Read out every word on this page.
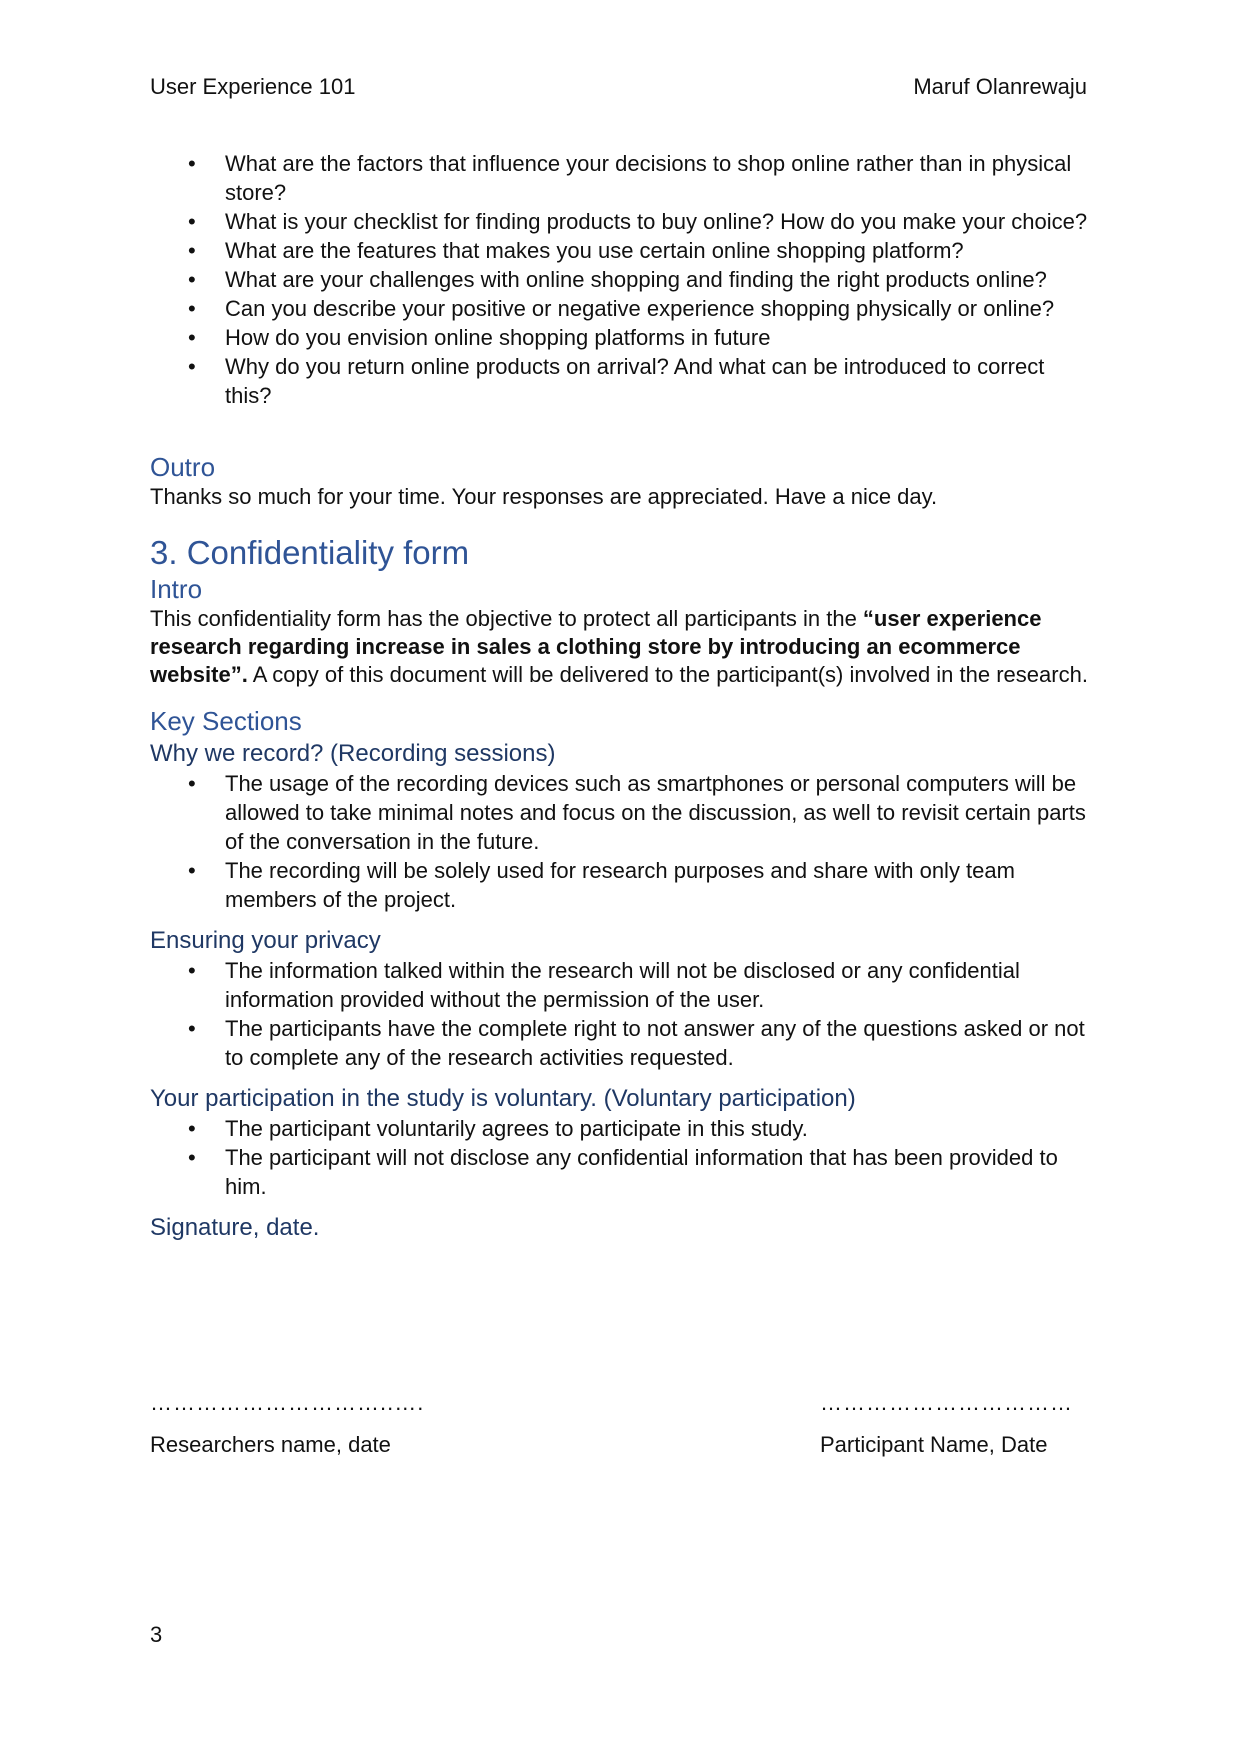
User Experience 101	Maruf Olanrewaju
• What are the factors that influence your decisions to shop online rather than in physical store?
• What is your checklist for finding products to buy online? How do you make your choice?
• What are the features that makes you use certain online shopping platform?
• What are your challenges with online shopping and finding the right products online?
• Can you describe your positive or negative experience shopping physically or online?
• How do you envision online shopping platforms in future
• Why do you return online products on arrival? And what can be introduced to correct this?
Outro

Thanks so much for your time. Your responses are appreciated. Have a nice day.

3. Confidentiality form
Intro

This confidentiality form has the objective to protect all participants in the “user experience research regarding increase in sales a clothing store by introducing an ecommerce website”. A copy of this document will be delivered to the participant(s) involved in the research.

Key Sections
Why we record? (Recording sessions)
• The usage of the recording devices such as smartphones or personal computers will be allowed to take minimal notes and focus on the discussion, as well to revisit certain parts of the conversation in the future.
• The recording will be solely used for research purposes and share with only team members of the project.
Ensuring your privacy
• The information talked within the research will not be disclosed or any confidential information provided without the permission of the user.
• The participants have the complete right to not answer any of the questions asked or not to complete any of the research activities requested.
Your participation in the study is voluntary. (Voluntary participation)
• The participant voluntarily agrees to participate in this study.
• The participant will not disclose any confidential information that has been provided to him.
Signature, date.
…………………………..….
Researchers name, date
……………………………
Participant Name, Date
3
